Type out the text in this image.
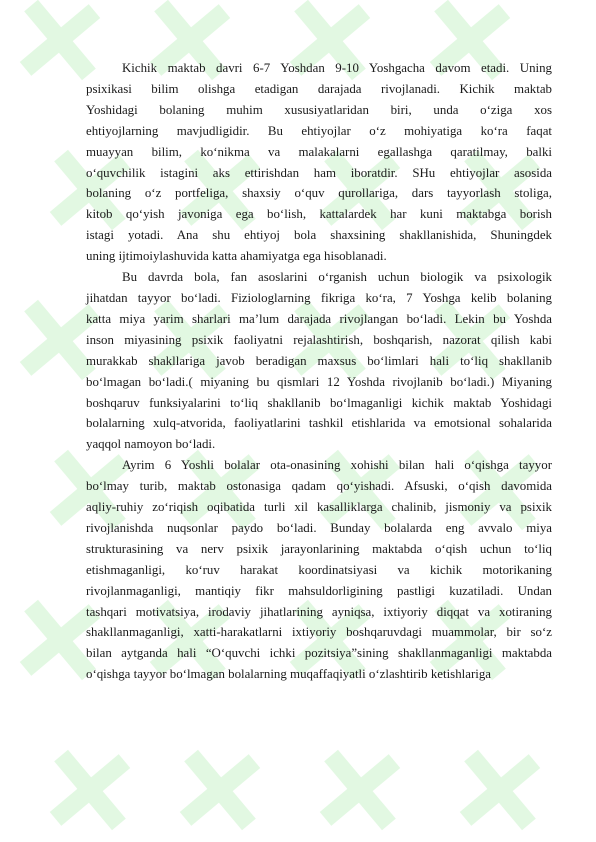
Kichik maktab davri 6-7 Yoshdan 9-10 Yoshgacha davom etadi. Uning
psixikasi bilim olishga etadigan darajada rivojlanadi. Kichik maktab
Yoshidagi bolaning muhim xususiyatlaridan biri, unda o‘ziga xos
ehtiyojlarning mavjudligidir. Bu ehtiyojlar o‘z mohiyatiga ko‘ra faqat
muayyan bilim, ko‘nikma va malakalarni egallashga qaratilmay, balki
o‘quvchilik istagini aks ettirishdan ham iboratdir. SHu ehtiyojlar asosida
bolaning o‘z portfeliga, shaxsiy o‘quv qurollariga, dars tayyorlash stoliga,
kitob qo‘yish javoniga ega bo‘lish, kattalardek har kuni maktabga borish
istagi yotadi. Ana shu ehtiyoj bola shaxsining shakllanishida, Shuningdek
uning ijtimoiylashuvida katta ahamiyatga ega hisoblanadi.
Bu davrda bola, fan asoslarini o‘rganish uchun biologik va psixologik
jihatdan tayyor bo‘ladi. Fiziologlarning fikriga ko‘ra, 7 Yoshga kelib bolaning
katta miya yarim sharlari ma’lum darajada rivojlangan bo‘ladi. Lekin bu Yoshda
inson miyasining psixik faoliyatni rejalashtirish, boshqarish, nazorat qilish kabi
murakkab shakllariga javob beradigan maxsus bo‘limlari hali to‘liq shakllanib
bo‘lmagan bo‘ladi.( miyaning bu qismlari 12 Yoshda rivojlanib bo‘ladi.) Miyaning
boshqaruv funksiyalarini to‘liq shakllanib bo‘lmaganligi kichik maktab Yoshidagi
bolalarning xulq-atvorida, faoliyatlarini tashkil etishlarida va emotsional sohalarida
yaqqol namoyon bo‘ladi.
Ayrim 6 Yoshli bolalar ota-onasining xohishi bilan hali o‘qishga tayyor
bo‘lmay turib, maktab ostonasiga qadam qo‘yishadi. Afsuski, o‘qish davomida
aqliy-ruhiy zo‘riqish oqibatida turli xil kasalliklarga chalinib, jismoniy va psixik
rivojlanishda nuqsonlar paydo bo‘ladi. Bunday bolalarda eng avvalo miya
strukturasining va nerv psixik jarayonlarining maktabda o‘qish uchun to‘liq
etishmaganligi, ko‘ruv harakat koordinatsiyasi va kichik motorikaning
rivojlanmaganligi, mantiqiy fikr mahsuldorligining pastligi kuzatiladi. Undan
tashqari motivatsiya, irodaviy jihatlarining ayniqsa, ixtiyoriy diqqat va xotiraning
shakllanmaganligi, xatti-harakatlarni ixtiyoriy boshqaruvdagi muammolar, bir so‘z
bilan aytganda hali “O‘quvchi ichki pozitsiya”sining shakllanmaganligi maktabda
o‘qishga tayyor bo‘lmagan bolalarning muqaffaqiyatli o‘zlashtirib ketishlariga
